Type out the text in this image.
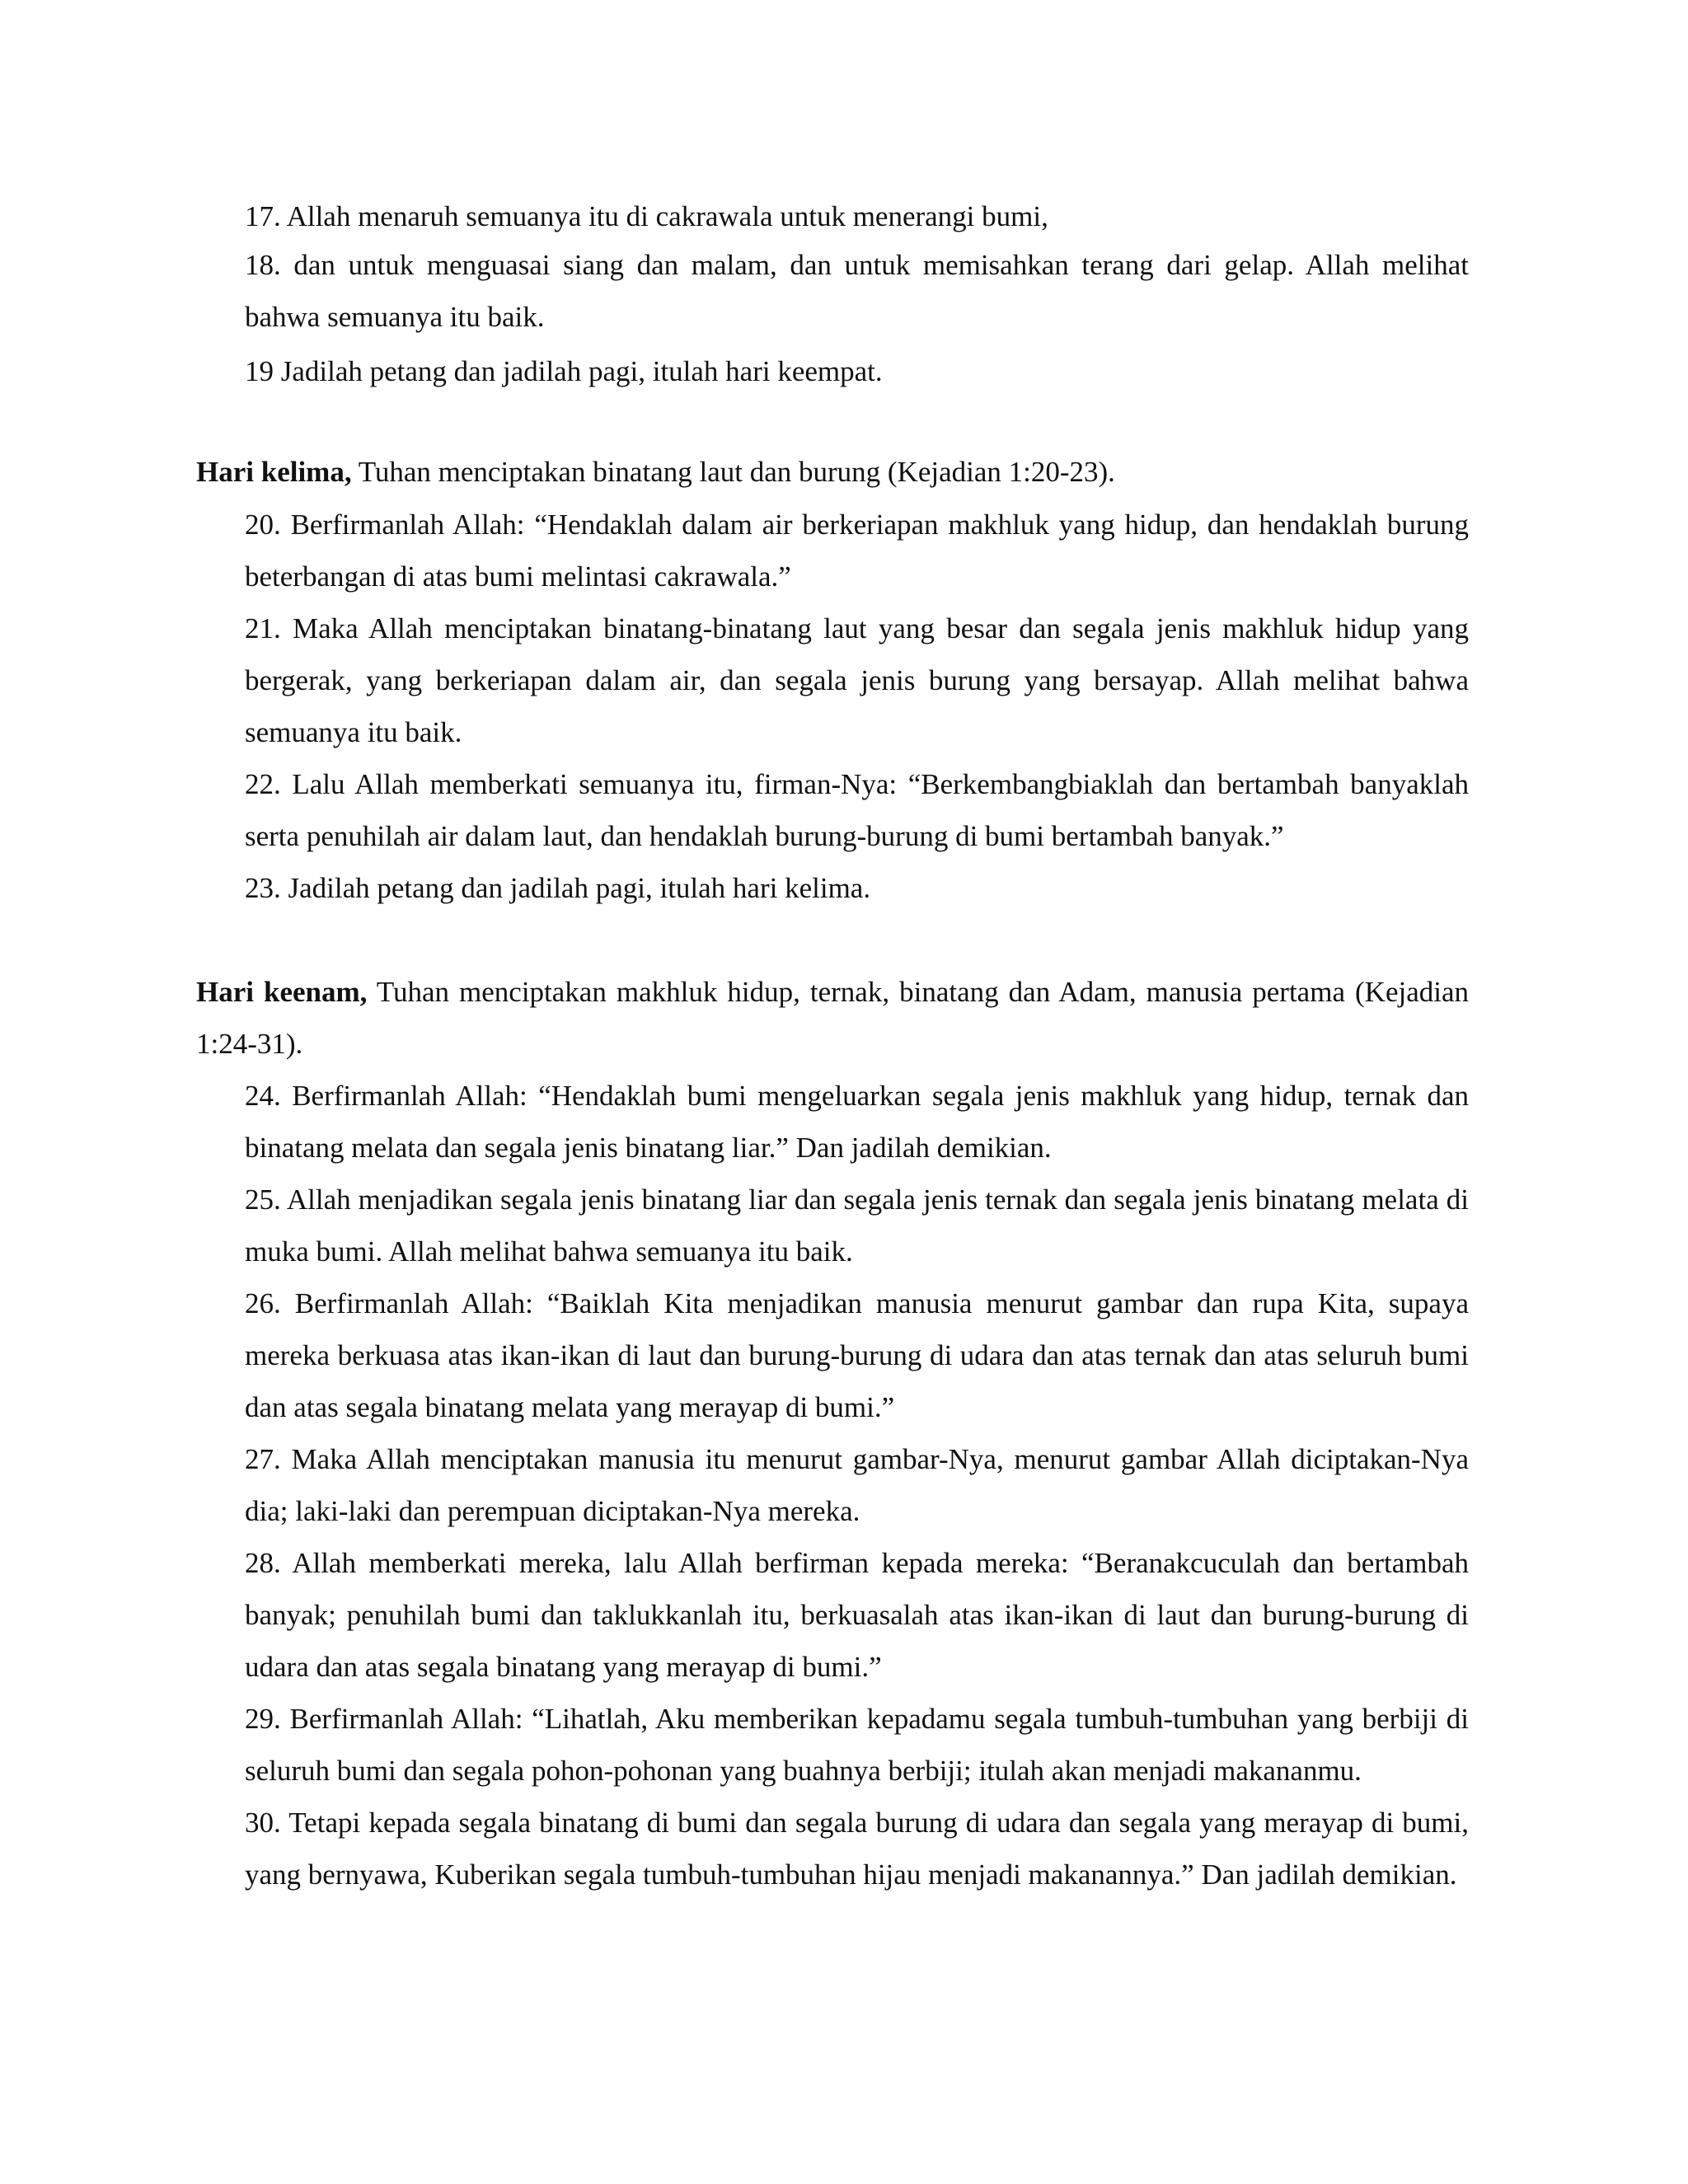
17. Allah menaruh semuanya itu di cakrawala untuk menerangi bumi,

18. dan untuk menguasai siang dan malam, dan untuk memisahkan terang dari gelap. Allah melihat bahwa semuanya itu baik.

19 Jadilah petang dan jadilah pagi, itulah hari keempat.

Hari kelima, Tuhan menciptakan binatang laut dan burung (Kejadian 1:20-23).

20. Berfirmanlah Allah: “Hendaklah dalam air berkeriapan makhluk yang hidup, dan hendaklah burung beterbangan di atas bumi melintasi cakrawala.”

21. Maka Allah menciptakan binatang-binatang laut yang besar dan segala jenis makhluk hidup yang bergerak, yang berkeriapan dalam air, dan segala jenis burung yang bersayap. Allah melihat bahwa semuanya itu baik.

22. Lalu Allah memberkati semuanya itu, firman-Nya: “Berkembangbiaklah dan bertambah banyaklah serta penuhilah air dalam laut, dan hendaklah burung-burung di bumi bertambah banyak.”

23. Jadilah petang dan jadilah pagi, itulah hari kelima.

Hari keenam, Tuhan menciptakan makhluk hidup, ternak, binatang dan Adam, manusia pertama (Kejadian 1:24-31).

24. Berfirmanlah Allah: “Hendaklah bumi mengeluarkan segala jenis makhluk yang hidup, ternak dan binatang melata dan segala jenis binatang liar.” Dan jadilah demikian.

25. Allah menjadikan segala jenis binatang liar dan segala jenis ternak dan segala jenis binatang melata di muka bumi. Allah melihat bahwa semuanya itu baik.

26. Berfirmanlah Allah: “Baiklah Kita menjadikan manusia menurut gambar dan rupa Kita, supaya mereka berkuasa atas ikan-ikan di laut dan burung-burung di udara dan atas ternak dan atas seluruh bumi dan atas segala binatang melata yang merayap di bumi.”

27. Maka Allah menciptakan manusia itu menurut gambar-Nya, menurut gambar Allah diciptakan-Nya dia; laki-laki dan perempuan diciptakan-Nya mereka.

28. Allah memberkati mereka, lalu Allah berfirman kepada mereka: “Beranakcuculah dan bertambah banyak; penuhilah bumi dan taklukkanlah itu, berkuasalah atas ikan-ikan di laut dan burung-burung di udara dan atas segala binatang yang merayap di bumi.”

29. Berfirmanlah Allah: “Lihatlah, Aku memberikan kepadamu segala tumbuh-tumbuhan yang berbiji di seluruh bumi dan segala pohon-pohonan yang buahnya berbiji; itulah akan menjadi makananmu.

30. Tetapi kepada segala binatang di bumi dan segala burung di udara dan segala yang merayap di bumi, yang bernyawa, Kuberikan segala tumbuh-tumbuhan hijau menjadi makanannya.” Dan jadilah demikian.
